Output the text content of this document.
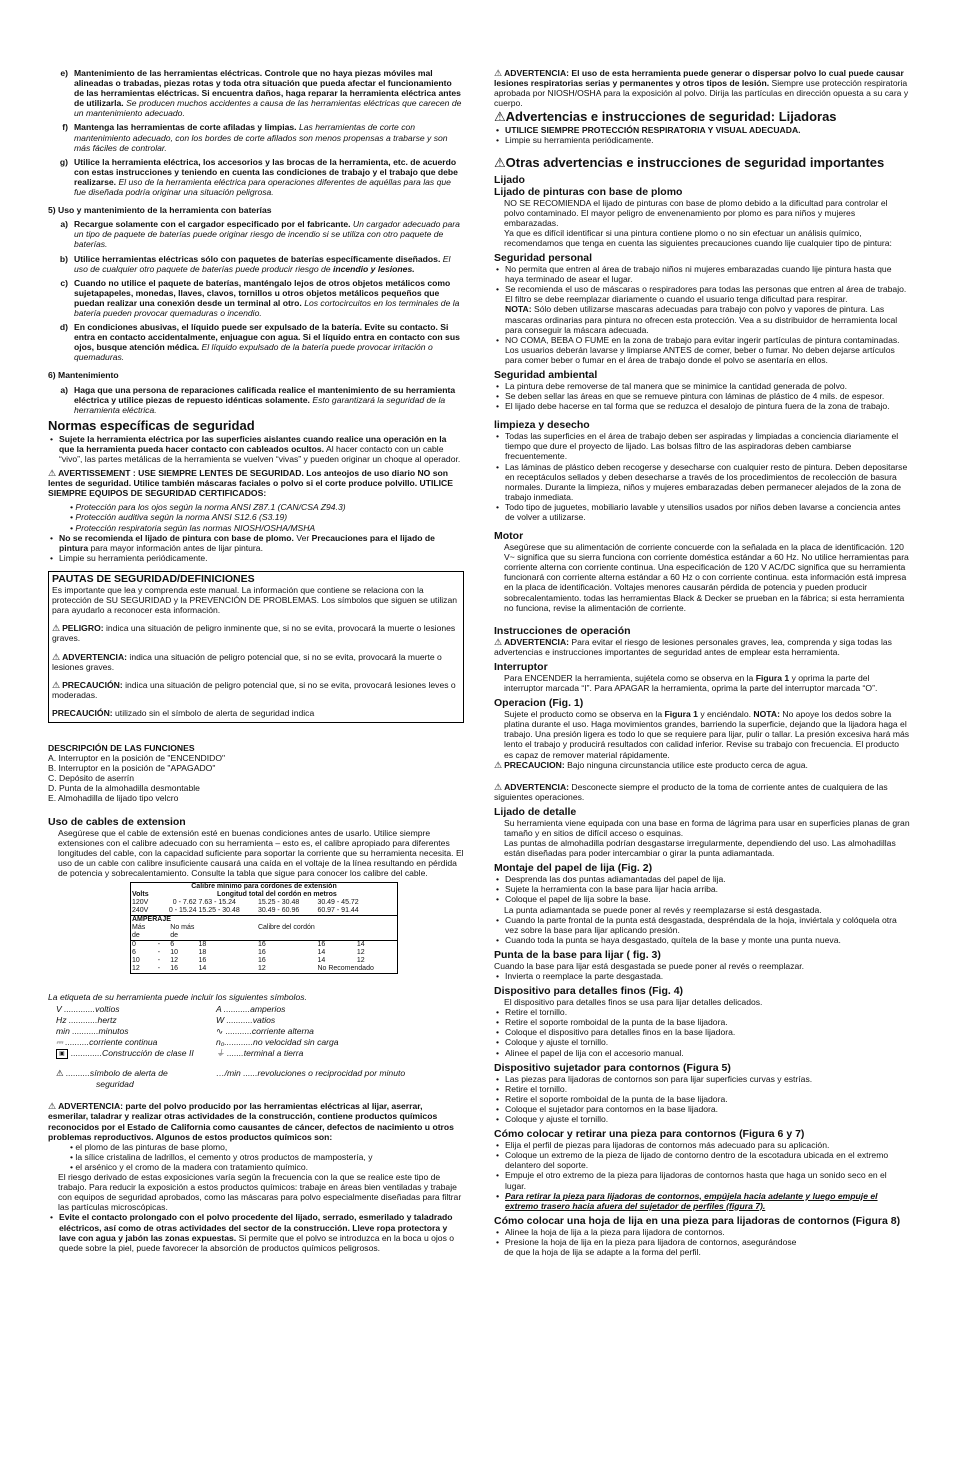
e) Mantenimiento de las herramientas eléctricas. Controle que no haya piezas móviles mal alineadas o trabadas, piezas rotas y toda otra situación que pueda afectar el funcionamiento de las herramientas eléctricas. Si encuentra daños, haga reparar la herramienta eléctrica antes de utilizarla. Se producen muchos accidentes a causa de las herramientas eléctricas que carecen de un mantenimiento adecuado.
f) Mantenga las herramientas de corte afiladas y limpias. Las herramientas de corte con mantenimiento adecuado, con los bordes de corte afilados son menos propensas a trabarse y son más fáciles de controlar.
g) Utilice la herramienta eléctrica, los accesorios y las brocas de la herramienta, etc. de acuerdo con estas instrucciones y teniendo en cuenta las condiciones de trabajo y el trabajo que debe realizarse. El uso de la herramienta eléctrica para operaciones diferentes de aquéllas para las que fue diseñada podría originar una situación peligrosa.

5) Uso y mantenimiento de la herramienta con baterías

a) Recargue solamente con el cargador especificado por el fabricante. Un cargador adecuado para un tipo de paquete de baterías puede originar riesgo de incendio si se utiliza con otro paquete de baterías.
b) Utilice herramientas eléctricas sólo con paquetes de baterías específicamente diseñados. El uso de cualquier otro paquete de baterías puede producir riesgo de incendio y lesiones.
c) Cuando no utilice el paquete de baterías, manténgalo lejos de otros objetos metálicos como sujetapapeles, monedas, llaves, clavos, tornillos u otros objetos metálicos pequeños que puedan realizar una conexión desde un terminal al otro. Los cortocircuitos en los terminales de la batería pueden provocar quemaduras o incendio.
d) En condiciones abusivas, el líquido puede ser expulsado de la batería. Evite su contacto. Si entra en contacto accidentalmente, enjuague con agua. Si el líquido entra en contacto con sus ojos, busque atención médica. El líquido expulsado de la batería puede provocar irritación o quemaduras.

6) Mantenimiento

a) Haga que una persona de reparaciones calificada realice el mantenimiento de su herramienta eléctrica y utilice piezas de repuesto idénticas solamente. Esto garantizará la seguridad de la herramienta eléctrica.
Normas específicas de seguridad
• Sujete la herramienta eléctrica por las superficies aislantes cuando realice una operación en la que la herramienta pueda hacer contacto con cableados ocultos. Al hacer contacto con un cable “vivo”, las partes metálicas de la herramienta se vuelven “vivas” y pueden originar un choque al operador.

⚠ AVERTISSEMENT : USE SIEMPRE LENTES DE SEGURIDAD. Los anteojos de uso diario NO son lentes de seguridad. Utilice también máscaras faciales o polvo si el corte produce polvillo. UTILICE SIEMPRE EQUIPOS DE SEGURIDAD CERTIFICADOS:

• Protección para los ojos según la norma ANSI Z87.1 (CAN/CSA Z94.3)
• Protección auditiva según la norma ANSI S12.6 (S3.19)
• Protección respiratoria según las normas NIOSH/OSHA/MSHA
• No se recomienda el lijado de pintura con base de plomo. Ver Precauciones para el lijado de pintura para mayor información antes de lijar pintura.
• Limpie su herramienta periódicamente.
PAUTAS DE SEGURIDAD/DEFINICIONES

Es importante que lea y comprenda este manual. La información que contiene se relaciona con la protección de SU SEGURIDAD y la PREVENCIÓN DE PROBLEMAS. Los símbolos que siguen se utilizan para ayudarlo a reconocer esta información.

⚠ PELIGRO: indica una situación de peligro inminente que, si no se evita, provocará la muerte o lesiones graves.

⚠ ADVERTENCIA: indica una situación de peligro potencial que, si no se evita, provocará la muerte o lesiones graves.

⚠ PRECAUCIÓN: indica una situación de peligro potencial que, si no se evita, provocará lesiones leves o moderadas.

PRECAUCIÓN: utilizado sin el símbolo de alerta de seguridad indica

DESCRIPCIÓN DE LAS FUNCIONES
A. Interruptor en la posición de "ENCENDIDO"
B. Interruptor en la posición de "APAGADO"
C. Depósito de aserrín
D. Punta de la almohadilla desmontable
E. Almohadilla de lijado tipo velcro
Uso de cables de extension

Asegúrese que el cable de extensión esté en buenas condiciones antes de usarlo. Utilice siempre extensiones con el calibre adecuado con su herramienta – esto es, el calibre apropiado para diferentes longitudes del cable, con la capacidad suficiente para soportar la corriente que su herramienta necesita. El uso de un cable con calibre insuficiente causará una caída en el voltaje de la línea resultando en pérdida de potencia y sobrecalentamiento. Consulte la tabla que sigue para conocer los calibre del cable.

Calibre mínimo para cordones de extensión						
Volts	Longitud total del cordón en metros					
120V	0 - 7.62		7.63 - 15.24	15.25 - 30.48	30.49 - 45.72	
240V	0 - 15.24		15.25 - 30.48	30.49 - 60.96	60.97 - 91.44	
AMPERAJE						
Más		No más		Calibre del cordón		
de		de				
0	-	6	18	16	16	14
6	-	10	18	16	14	12
10	-	12	16	16	14	12
12	-	16	14	12	No Recomendado	

La etiqueta de su herramienta puede incluir los siguientes símbolos.

V .............voltios	A ...........amperios
Hz ............hertz	W ...........vatios
min ...........minutos	∿ ...........corriente alterna
⎓ ..........corriente continua	n₀............no velocidad sin carga
▣ .............Construcción de clase II	⏚ .......terminal a tierra
⚠ ..........símbolo de alerta de	…/min ......revoluciones o reciprocidad por minuto
seguridad

⚠ ADVERTENCIA: parte del polvo producido por las herramientas eléctricas al lijar, aserrar, esmerilar, taladrar y realizar otras actividades de la construcción, contiene productos químicos reconocidos por el Estado de California como causantes de cáncer, defectos de nacimiento u otros problemas reproductivos. Algunos de estos productos químicos son:

• el plomo de las pinturas de base plomo,
• la sílice cristalina de ladrillos, el cemento y otros productos de mampostería, y
• el arsénico y el cromo de la madera con tratamiento químico.

El riesgo derivado de estas exposiciones varía según la frecuencia con la que se realice este tipo de trabajo. Para reducir la exposición a estos productos químicos: trabaje en áreas bien ventiladas y trabaje con equipos de seguridad aprobados, como las máscaras para polvo especialmente diseñadas para filtrar las partículas microscópicas.

• Evite el contacto prolongado con el polvo procedente del lijado, serrado, esmerilado y taladrado eléctricos, así como de otras actividades del sector de la construcción. Lleve ropa protectora y lave con agua y jabón las zonas expuestas. Si permite que el polvo se introduzca en la boca u ojos o quede sobre la piel, puede favorecer la absorción de productos químicos peligrosos.

⚠ ADVERTENCIA: El uso de esta herramienta puede generar o dispersar polvo lo cual puede causar lesiones respiratorias serias y permanentes y otros tipos de lesión. Siempre use protección respiratoria aprobada por NIOSH/OSHA para la exposición al polvo. Dirija las partículas en dirección opuesta a su cara y cuerpo.

⚠Advertencias e instrucciones de seguridad: Lijadoras
• UTILICE SIEMPRE PROTECCIÓN RESPIRATORIA Y VISUAL ADECUADA.
• Limpie su herramienta periódicamente.
⚠Otras advertencias e instrucciones de seguridad importantes
Lijado
Lijado de pinturas con base de plomo

NO SE RECOMIENDA el lijado de pinturas con base de plomo debido a la dificultad para controlar el polvo contaminado. El mayor peligro de envenenamiento por plomo es para niños y mujeres embarazadas.

Ya que es difícil identificar si una pintura contiene plomo o no sin efectuar un análisis químico, recomendamos que tenga en cuenta las siguientes precauciones cuando lije cualquier tipo de pintura:

Seguridad personal
• No permita que entren al área de trabajo niños ni mujeres embarazadas cuando lije pintura hasta que haya terminado de asear el lugar.
• Se recomienda el uso de máscaras o respiradores para todas las personas que entren al área de trabajo. El filtro se debe reemplazar diariamente o cuando el usuario tenga dificultad para respirar.
NOTA: Sólo deben utilizarse mascaras adecuadas para trabajo con polvo y vapores de pintura. Las mascaras ordinarias para pintura no ofrecen esta protección. Vea a su distribuidor de herramienta local para conseguir la máscara adecuada.
• NO COMA, BEBA O FUME en la zona de trabajo para evitar ingerir partículas de pintura contaminadas. Los usuarios deberán lavarse y limpiarse ANTES de comer, beber o fumar. No deben dejarse artículos para comer beber o fumar en el área de trabajo donde el polvo se asentaría en ellos.
Seguridad ambiental
• La pintura debe removerse de tal manera que se minimice la cantidad generada de polvo.
• Se deben sellar las áreas en que se remueve pintura con láminas de plástico de 4 mils. de espesor.
• El lijado debe hacerse en tal forma que se reduzca el desalojo de pintura fuera de la zona de trabajo.
limpieza y desecho
• Todas las superficies en el área de trabajo deben ser aspiradas y limpiadas a conciencia diariamente el tiempo que dure el proyecto de lijado. Las bolsas filtro de las aspiradoras deben cambiarse frecuentemente.
• Las láminas de plástico deben recogerse y desecharse con cualquier resto de pintura. Deben depositarse en receptáculos sellados y deben desecharse a través de los procedimientos de recolección de basura normales. Durante la limpieza, niños y mujeres embarazadas deben permanecer alejados de la zona de trabajo inmediata.
• Todo tipo de juguetes, mobiliario lavable y utensilios usados por niños deben lavarse a conciencia antes de volver a utilizarse.
Motor

Asegúrese que su alimentación de corriente concuerde con la señalada en la placa de identificación. 120 V~ significa que su sierra funciona con corriente doméstica estándar a 60 Hz. No utilice herramientas para corriente alterna con corriente continua. Una especificación de 120 V AC/DC significa que su herramienta funcionará con corriente alterna estándar a 60 Hz o con corriente continua. esta información está impresa en la placa de identificación. Voltajes menores causarán pérdida de potencia y pueden producir sobrecalentamiento. todas las herramientas Black & Decker se prueban en la fábrica; si esta herramienta no funciona, revise la alimentación de corriente.

Instrucciones de operación

⚠ ADVERTENCIA: Para evitar el riesgo de lesiones personales graves, lea, comprenda y siga todas las advertencias e instrucciones importantes de seguridad antes de emplear esta herramienta.

Interruptor

Para ENCENDER la herramienta, sujétela como se observa en la Figura 1 y oprima la parte del interruptor marcada “I”. Para APAGAR la herramienta, oprima la parte del interruptor marcada “O”.

Operacion (Fig. 1)

Sujete el producto como se observa en la Figura 1 y enciéndalo. NOTA: No apoye los dedos sobre la platina durante el uso. Haga movimientos grandes, barriendo la superficie, dejando que la lijadora haga el trabajo. Una presión ligera es todo lo que se requiere para lijar, pulir o tallar. La presión excesiva hará más lento el trabajo y producirá resultados con calidad inferior. Revise su trabajo con frecuencia. El producto es capaz de remover material rápidamente.

⚠ PRECAUCION: Bajo ninguna circunstancia utilice este producto cerca de agua.

⚠ ADVERTENCIA: Desconecte siempre el producto de la toma de corriente antes de cualquiera de las siguientes operaciones.

Lijado de detalle

Su herramienta viene equipada con una base en forma de lágrima para usar en superficies planas de gran tamaño y en sitios de difícil acceso o esquinas.

Las puntas de almohadilla podrían desgastarse irregularmente, dependiendo del uso. Las almohadillas están diseñadas para poder intercambiar o girar la punta adiamantada.

Montaje del papel de lija (Fig. 2)
• Desprenda las dos puntas adiamantadas del papel de lija.
• Sujete la herramienta con la base para lijar hacia arriba.
• Coloque el papel de lija sobre la base.

La punta adiamantada se puede poner al revés y reemplazarse si está desgastada.

• Cuando la parte frontal de la punta está desgastada, despréndala de la hoja, inviértala y colóquela otra vez sobre la base para lijar aplicando presión.
• Cuando toda la punta se haya desgastado, quítela de la base y monte una punta nueva.
Punta de la base para lijar ( fig. 3)

Cuando la base para lijar está desgastada se puede poner al revés o reemplazar.

• Invierta o reemplace la parte desgastada.
Dispositivo para detalles finos (Fig. 4)

El dispositivo para detalles finos se usa para lijar detalles delicados.

• Retire el tornillo.
• Retire el soporte romboidal de la punta de la base lijadora.
• Coloque el dispositivo para detalles finos en la base lijadora.
• Coloque y ajuste el tornillo.
• Alinee el papel de lija con el accesorio manual.
Dispositivo sujetador para contornos (Figura 5)
• Las piezas para lijadoras de contornos son para lijar superficies curvas y estrías.
• Retire el tornillo.
• Retire el soporte romboidal de la punta de la base lijadora.
• Coloque el sujetador para contornos en la base lijadora.
• Coloque y ajuste el tornillo.
Cómo colocar y retirar una pieza para contornos (Figura 6 y 7)
• Elija el perfil de piezas para lijadoras de contornos más adecuado para su aplicación.
• Coloque un extremo de la pieza de lijado de contorno dentro de la escotadura ubicada en el extremo delantero del soporte.
• Empuje el otro extremo de la pieza para lijadoras de contornos hasta que haga un sonido seco en el lugar.
• Para retirar la pieza para lijadoras de contornos, empújela hacia adelante y luego empuje el extremo trasero hacia afuera del sujetador de perfiles (figura 7).
Cómo colocar una hoja de lija en una pieza para lijadoras de contornos (Figura 8)
• Alinee la hoja de lija a la pieza para lijadora de contornos.
• Presione la hoja de lija en la pieza para lijadora de contornos, asegurándose

de que la hoja de lija se adapte a la forma del perfil.
